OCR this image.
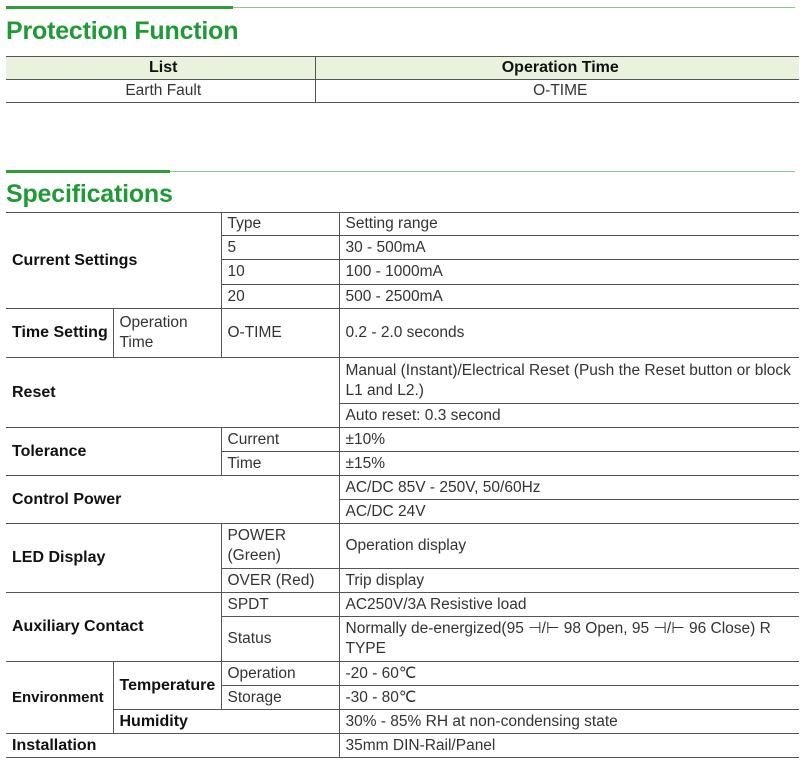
Protection Function
List	Operation Time
Earth Fault	O-TIME
Specifications
Current Settings		Type	Setting range
		5	30 - 500mA
		10	100 - 1000mA
		20	500 - 2500mA
Time Setting	Operation Time	O-TIME	0.2 - 2.0 seconds
Reset			Manual (Instant)/Electrical Reset (Push the Reset button or block L1 and L2.)
			Auto reset: 0.3 second
Tolerance		Current	±10%
		Time	±15%
Control Power			AC/DC 85V - 250V, 50/60Hz
			AC/DC 24V
LED Display		POWER (Green)	Operation display
		OVER (Red)	Trip display
Auxiliary Contact		SPDT	AC250V/3A Resistive load
		Status	Normally de-energized(95 ⊣/⊢ 98 Open, 95 ⊣/⊢ 96 Close) R TYPE
Environment	Temperature	Operation	-20 - 60℃
		Storage	-30 - 80℃
	Humidity		30% - 85% RH at non-condensing state
Installation			35mm DIN-Rail/Panel
